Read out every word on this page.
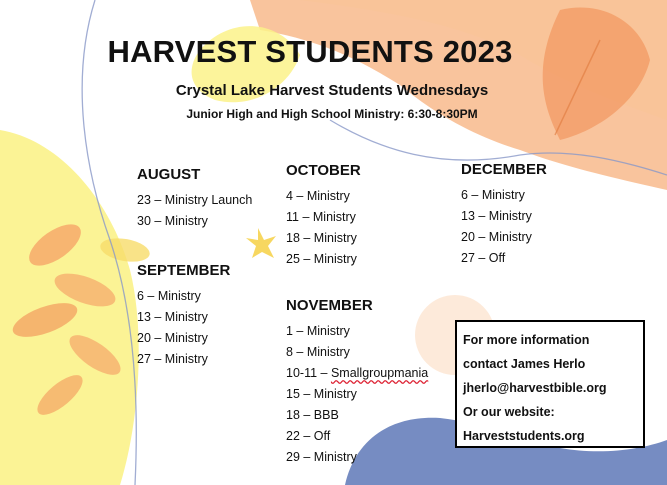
HARVEST STUDENTS 2023
Crystal Lake Harvest Students Wednesdays
Junior High and High School Ministry: 6:30-8:30PM
AUGUST
23 – Ministry Launch
30 – Ministry
SEPTEMBER
6 – Ministry
13 – Ministry
20 – Ministry
27 – Ministry
OCTOBER
4 – Ministry
11 – Ministry
18 – Ministry
25 – Ministry
NOVEMBER
1 – Ministry
8 – Ministry
10-11 – Smallgroupmania
15 – Ministry
18 – BBB
22 – Off
29 – Ministry
DECEMBER
6 – Ministry
13 – Ministry
20 – Ministry
27 – Off
For more information
contact James Herlo
jherlo@harvestbible.org
Or our website:
Harveststudents.org
